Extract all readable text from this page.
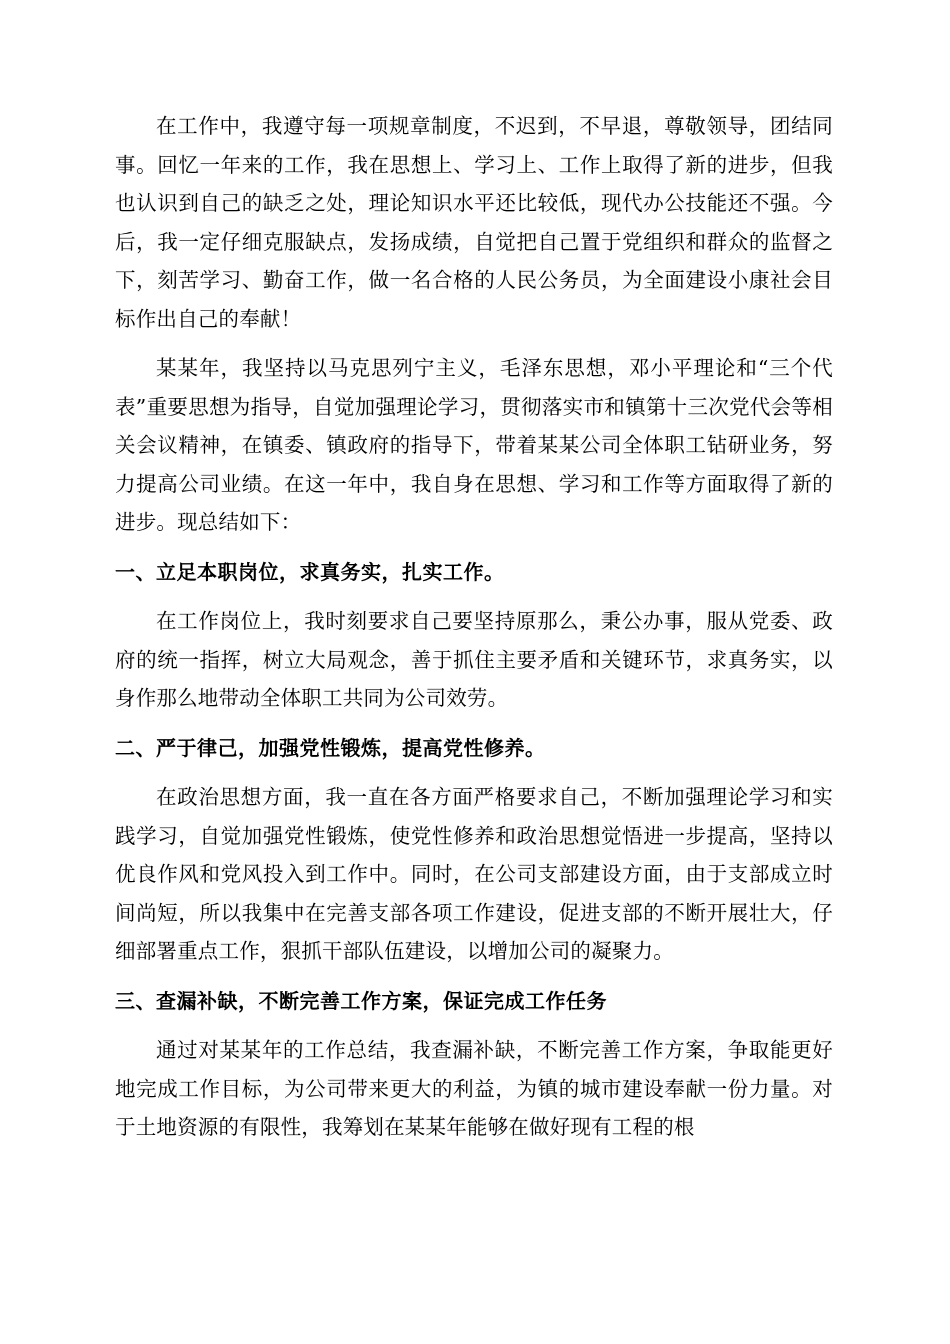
在工作中，我遵守每一项规章制度，不迟到，不早退，尊敬领导，团结同事。回忆一年来的工作，我在思想上、学习上、工作上取得了新的进步，但我也认识到自己的缺乏之处，理论知识水平还比较低，现代办公技能还不强。今后，我一定仔细克服缺点，发扬成绩，自觉把自己置于党组织和群众的监督之下，刻苦学习、勤奋工作，做一名合格的人民公务员，为全面建设小康社会目标作出自己的奉献！

某某年，我坚持以马克思列宁主义，毛泽东思想，邓小平理论和“三个代表”重要思想为指导，自觉加强理论学习，贯彻落实市和镇第十三次党代会等相关会议精神，在镇委、镇政府的指导下，带着某某公司全体职工钻研业务，努力提高公司业绩。在这一年中，我自身在思想、学习和工作等方面取得了新的进步。现总结如下：

一、立足本职岗位，求真务实，扎实工作。

在工作岗位上，我时刻要求自己要坚持原那么，秉公办事，服从党委、政府的统一指挥，树立大局观念，善于抓住主要矛盾和关键环节，求真务实，以身作那么地带动全体职工共同为公司效劳。

二、严于律己，加强党性锻炼，提高党性修养。

在政治思想方面，我一直在各方面严格要求自己，不断加强理论学习和实践学习，自觉加强党性锻炼，使党性修养和政治思想觉悟进一步提高，坚持以优良作风和党风投入到工作中。同时，在公司支部建设方面，由于支部成立时间尚短，所以我集中在完善支部各项工作建设，促进支部的不断开展壮大，仔细部署重点工作，狠抓干部队伍建设，以增加公司的凝聚力。

三、查漏补缺，不断完善工作方案，保证完成工作任务

通过对某某年的工作总结，我查漏补缺，不断完善工作方案，争取能更好地完成工作目标，为公司带来更大的利益，为镇的城市建设奉献一份力量。对于土地资源的有限性，我筹划在某某年能够在做好现有工程的根
